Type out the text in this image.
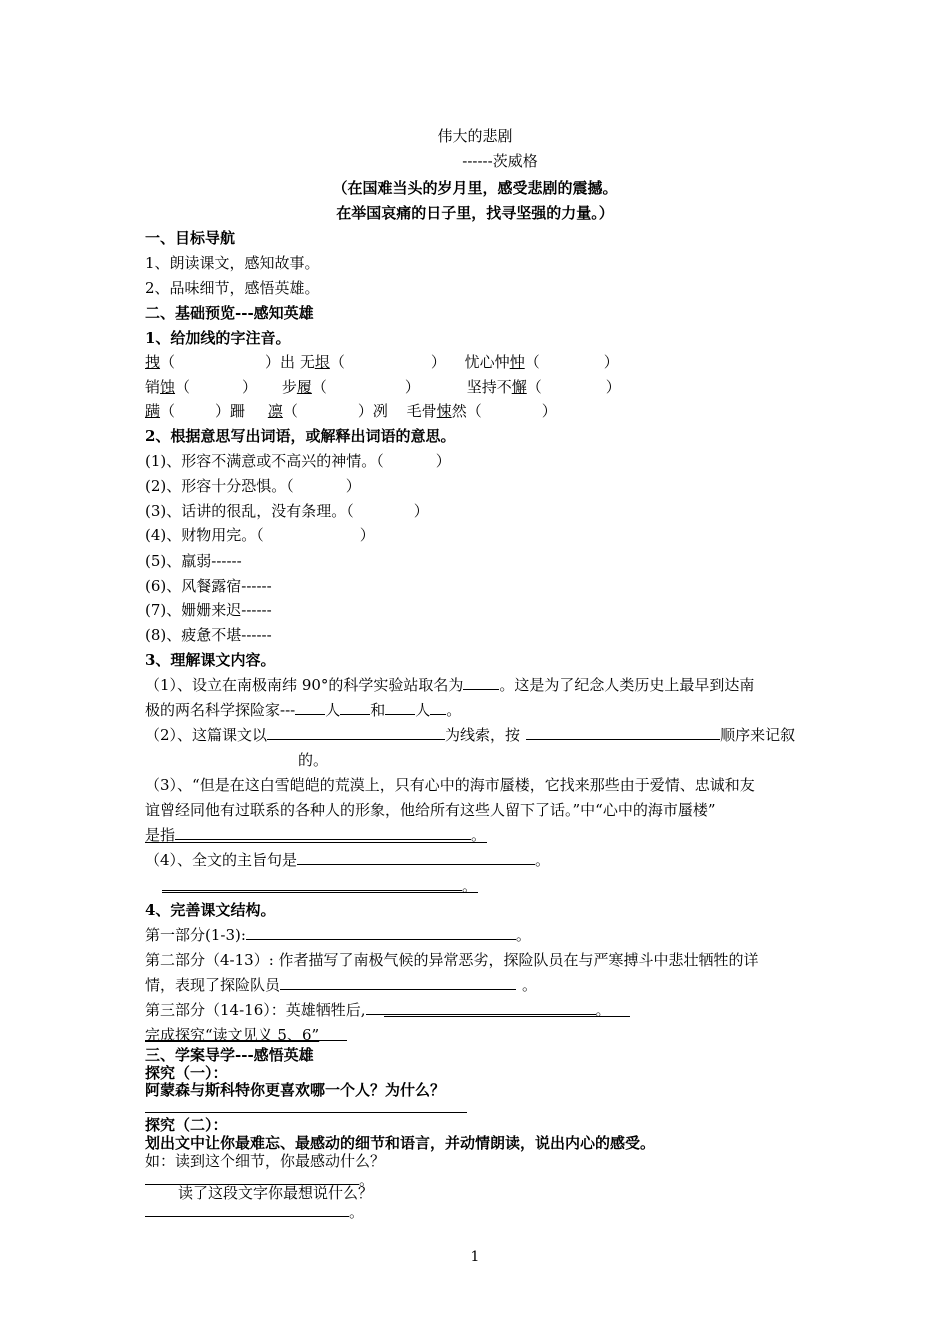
伟大的悲剧
------茨威格
（在国难当头的岁月里，感受悲剧的震撼。
在举国哀痛的日子里，找寻坚强的力量。）
一、目标导航
1、朗读课文，感知故事。
2、品味细节，感悟英雄。
二、基础预览---感知英雄
1、给加线的字注音。
拽（	）出 无垠（	） 忧心忡忡（	）
销蚀（	） 步履（	）	坚持不懈（	）
蹒（	）跚 凛（	）冽 毛骨悚然（	）
2、根据意思写出词语，或解释出词语的意思。
(1)、形容不满意或不高兴的神情。（	）
(2)、形容十分恐惧。（	）
(3)、话讲的很乱，没有条理。（	）
(4)、财物用完。（	）
(5)、羸弱------
(6)、风餐露宿------
(7)、姗姗来迟------
(8)、疲惫不堪------
3、理解课文内容。
（1）、设立在南极南纬 90°的科学实验站取名为 。这是为了纪念人类历史上最早到达南
极的两名科学探险家--- 人 和 人 。
（2）、这篇课文以	为线索，按	顺序来记叙
的。
（3）、“但是在这白雪皑皑的荒漠上，只有心中的海市蜃楼，它找来那些由于爱情、忠诚和友
谊曾经同他有过联系的各种人的形象，他给所有这些人留下了话。”中“心中的海市蜃楼”
是指	。
（4）、全文的主旨句是	。
。
4、完善课文结构。
第一部分(1-3):	。
第二部分（4-13）: 作者描写了南极气候的异常恶劣，探险队员在与严寒搏斗中悲壮牺牲的详
情，表现了探险队员	。
第三部分（14-16）：英雄牺牲后,	。
完成探究“读文见义 5、6”
三、学案导学---感悟英雄
探究（一）：
阿蒙森与斯科特你更喜欢哪一个人？为什么？
探究（二）：
划出文中让你最难忘、最感动的细节和语言，并动情朗读，说出内心的感受。
如：读到这个细节，你最感动什么？
。
读了这段文字你最想说什么？
。
1
